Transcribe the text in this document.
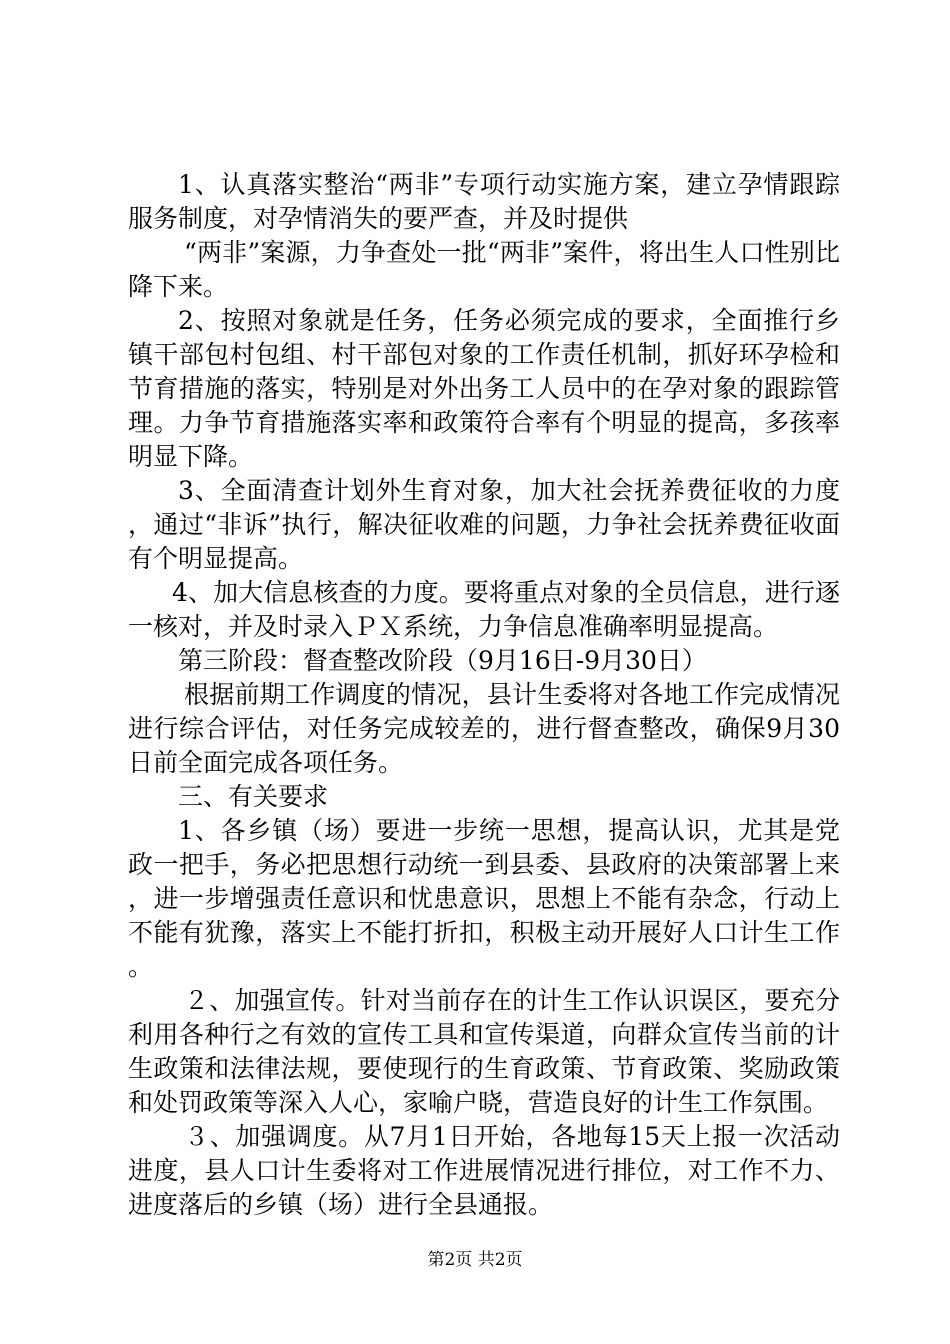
1、认真落实整治“两非”专项行动实施方案，建立孕情跟踪服务制度，对孕情消失的要严查，并及时提供

“两非”案源，力争查处一批“两非”案件，将出生人口性别比降下来。

2、按照对象就是任务，任务必须完成的要求，全面推行乡镇干部包村包组、村干部包对象的工作责任机制，抓好环孕检和节育措施的落实，特别是对外出务工人员中的在孕对象的跟踪管理。力争节育措施落实率和政策符合率有个明显的提高，多孩率明显下降。

3、全面清查计划外生育对象，加大社会抚养费征收的力度，通过“非诉”执行，解决征收难的问题，力争社会抚养费征收面有个明显提高。

4、加大信息核查的力度。要将重点对象的全员信息，进行逐一核对，并及时录入ＰＸ系统，力争信息准确率明显提高。

第三阶段：督查整改阶段（9月16日-9月30日）

根据前期工作调度的情况，县计生委将对各地工作完成情况进行综合评估，对任务完成较差的，进行督查整改，确保9月30日前全面完成各项任务。

三、有关要求

1、各乡镇（场）要进一步统一思想，提高认识，尤其是党政一把手，务必把思想行动统一到县委、县政府的决策部署上来，进一步增强责任意识和忧患意识，思想上不能有杂念，行动上不能有犹豫，落实上不能打折扣，积极主动开展好人口计生工作。

２、加强宣传。针对当前存在的计生工作认识误区，要充分利用各种行之有效的宣传工具和宣传渠道，向群众宣传当前的计生政策和法律法规，要使现行的生育政策、节育政策、奖励政策和处罚政策等深入人心，家喻户晓，营造良好的计生工作氛围。

３、加强调度。从7月1日开始，各地每15天上报一次活动进度，县人口计生委将对工作进展情况进行排位，对工作不力、进度落后的乡镇（场）进行全县通报。

第2页 共2页
